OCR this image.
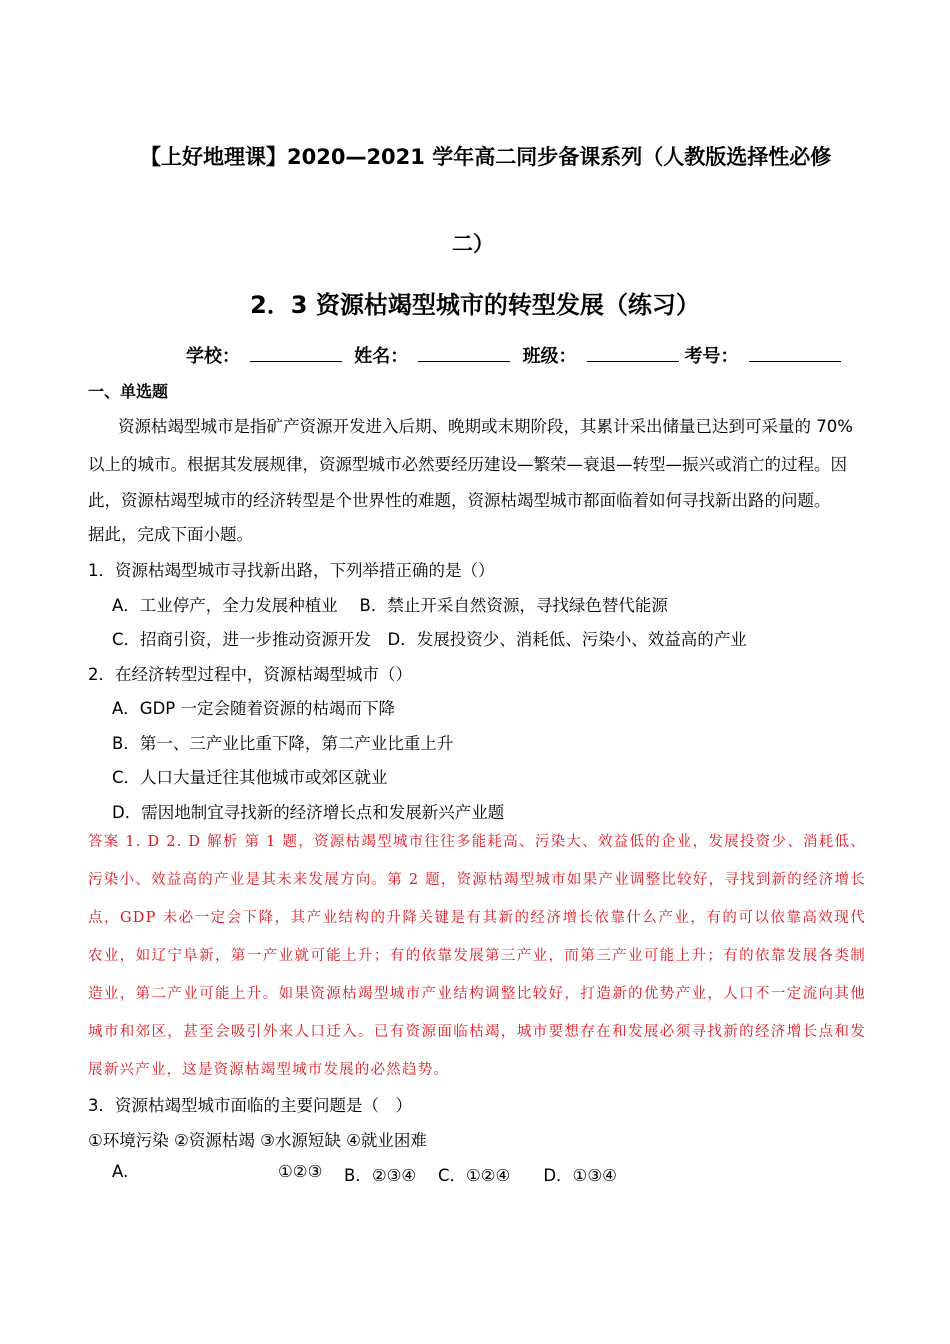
【上好地理课】2020—2021 学年高二同步备课系列（人教版选择性必修
二）
2．3 资源枯竭型城市的转型发展（练习）
学校：	姓名：	班级：	考号：
一、单选题
资源枯竭型城市是指矿产资源开发进入后期、晚期或末期阶段，其累计采出储量已达到可采量的 70%
以上的城市。根据其发展规律，资源型城市必然要经历建设—繁荣—衰退—转型—振兴或消亡的过程。因
此，资源枯竭型城市的经济转型是个世界性的难题，资源枯竭型城市都面临着如何寻找新出路的问题。
据此，完成下面小题。
1．资源枯竭型城市寻找新出路，下列举措正确的是（）
A．工业停产，全力发展种植业　 B．禁止开采自然资源，寻找绿色替代能源
C．招商引资，进一步推动资源开发　D．发展投资少、消耗低、污染小、效益高的产业
2．在经济转型过程中，资源枯竭型城市（）
A．GDP 一定会随着资源的枯竭而下降
B．第一、三产业比重下降，第二产业比重上升
C．人口大量迁往其他城市或郊区就业
D．需因地制宜寻找新的经济增长点和发展新兴产业题
答案 1. D 2. D 解析 第 1 题，资源枯竭型城市往往多能耗高、污染大、效益低的企业，发展投资少、消耗低、污染小、效益高的产业是其未来发展方向。第 2 题，资源枯竭型城市如果产业调整比较好，寻找到新的经济增长点，GDP 未必一定会下降，其产业结构的升降关键是有其新的经济增长依靠什么产业，有的可以依靠高效现代农业，如辽宁阜新，第一产业就可能上升；有的依靠发展第三产业，而第三产业可能上升；有的依靠发展各类制造业，第二产业可能上升。如果资源枯竭型城市产业结构调整比较好，打造新的优势产业，人口不一定流向其他城市和郊区，甚至会吸引外来人口迁入。已有资源面临枯竭，城市要想存在和发展必须寻找新的经济增长点和发展新兴产业，这是资源枯竭型城市发展的必然趋势。
3．资源枯竭型城市面临的主要问题是（　）
①环境污染 ②资源枯竭 ③水源短缺 ④就业困难
A.	①②③ B．②③④　 C．①②④　　D．①③④
